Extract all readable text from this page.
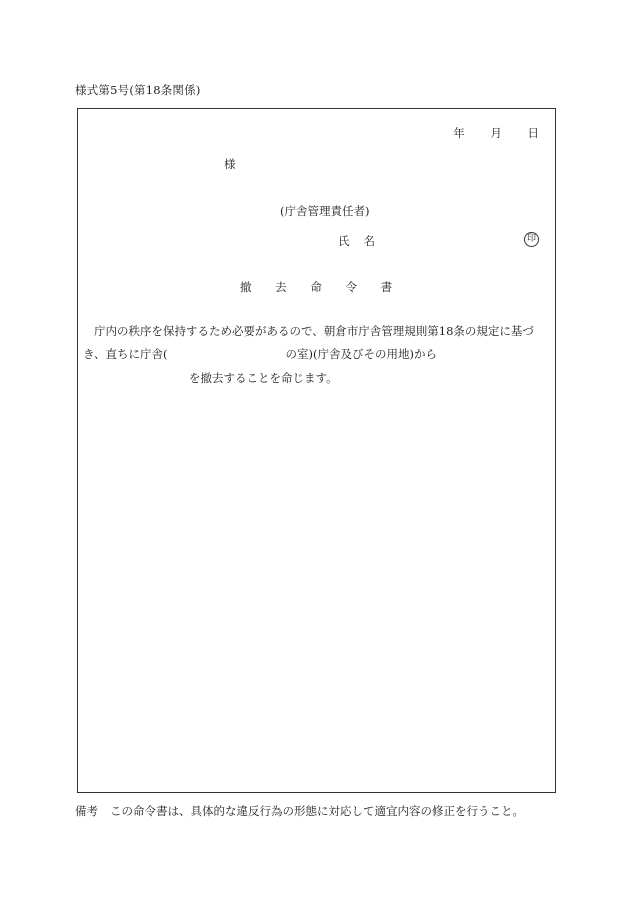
様式第5号(第18条関係)
年 月 日
様
(庁舎管理責任者)
氏名	印
撤 去 命 令 書
庁内の秩序を保持するため必要があるので、朝倉市庁舎管理規則第18条の規定に基づ
き、直ちに庁舎(	の室)(庁舎及びその用地)から
を撤去することを命じます。
備考 この命令書は、具体的な違反行為の形態に対応して適宜内容の修正を行うこと。
